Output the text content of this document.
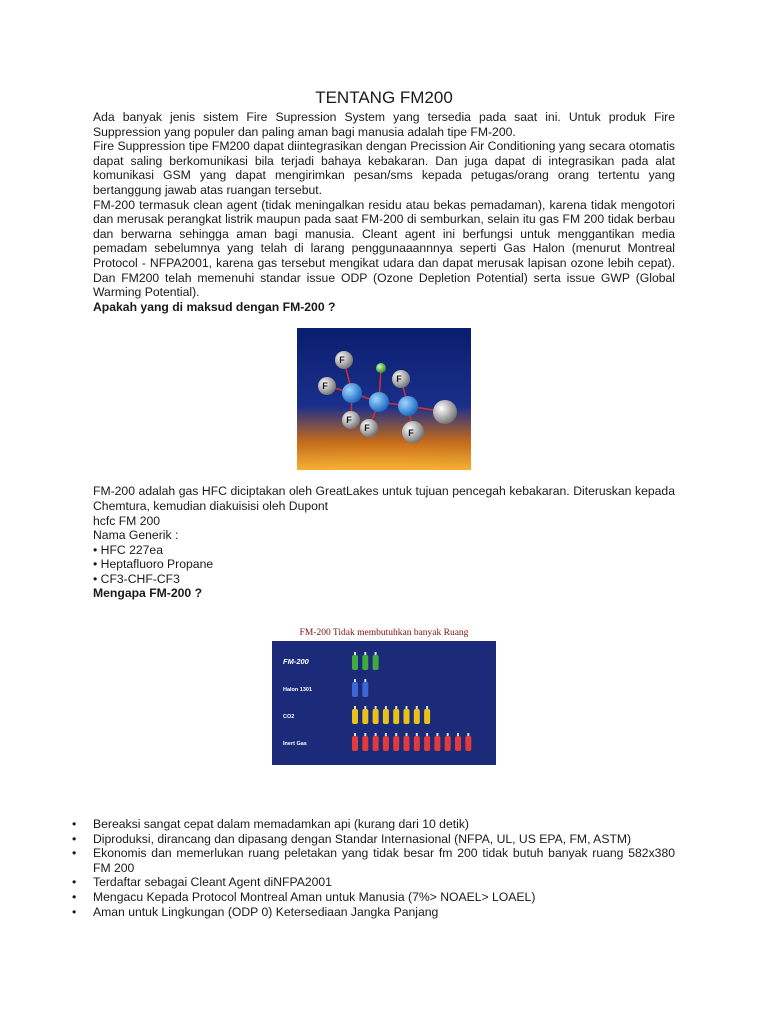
TENTANG FM200

Ada banyak jenis sistem Fire Supression System yang tersedia pada saat ini. Untuk produk Fire Suppression yang populer dan paling aman bagi manusia adalah tipe FM-200.

Fire Suppression tipe FM200 dapat diintegrasikan dengan Precission Air Conditioning yang secara otomatis dapat saling berkomunikasi bila terjadi bahaya kebakaran. Dan juga dapat di integrasikan pada alat komunikasi GSM yang dapat mengirimkan pesan/sms kepada petugas/orang orang tertentu yang bertanggung jawab atas ruangan tersebut.

FM-200 termasuk clean agent (tidak meningalkan residu atau bekas pemadaman), karena tidak mengotori dan merusak perangkat listrik maupun pada saat FM-200 di semburkan, selain itu gas FM 200 tidak berbau dan berwarna sehingga aman bagi manusia. Cleant agent ini berfungsi untuk menggantikan media pemadam sebelumnya yang telah di larang penggunaaannnya seperti Gas Halon (menurut Montreal Protocol - NFPA2001, karena gas tersebut mengikat udara dan dapat merusak lapisan ozone lebih cepat). Dan FM200 telah memenuhi standar issue ODP (Ozone Depletion Potential) serta issue GWP (Global Warming Potential).

Apakah yang di maksud dengan FM-200 ?

F
F
F
F
F
F

FM-200 adalah gas HFC diciptakan oleh GreatLakes untuk tujuan pencegah kebakaran. Diteruskan kepada Chemtura, kemudian diakuisisi oleh Dupont

hcfc FM 200

Nama Generik :

• HFC 227ea

• Heptafluoro Propane

• CF3-CHF-CF3

Mengapa FM-200 ?

FM-200 Tidak membutuhkan banyak Ruang
FM-200
Halon 1301
CO2
Inert Gas
• Bereaksi sangat cepat dalam memadamkan api (kurang dari 10 detik)
• Diproduksi, dirancang dan dipasang dengan Standar Internasional (NFPA, UL, US EPA, FM, ASTM)
• Ekonomis dan memerlukan ruang peletakan yang tidak besar fm 200 tidak butuh banyak ruang 582x380 FM 200
• Terdaftar sebagai Cleant Agent diNFPA2001
• Mengacu Kepada Protocol Montreal Aman untuk Manusia (7%> NOAEL> LOAEL)
• Aman untuk Lingkungan (ODP 0) Ketersediaan Jangka Panjang
